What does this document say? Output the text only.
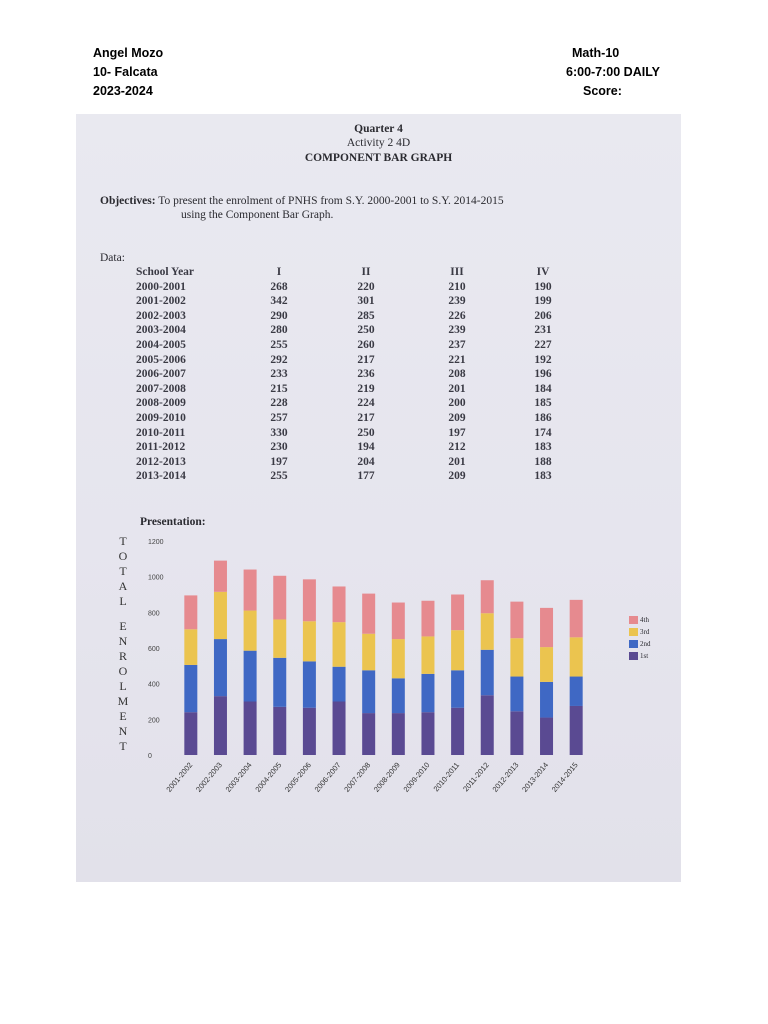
Angel Mozo
10- Falcata
2023-2024
Math-10
6:00-7:00 DAILY
Score:
Quarter 4
Activity 2 4D
COMPONENT BAR GRAPH
Objectives: To present the enrolment of PNHS from S.Y. 2000-2001 to S.Y. 2014-2015
using the Component Bar Graph.
Data:
School Year	I	II	III	IV
2000-2001	268	220	210	190
2001-2002	342	301	239	199
2002-2003	290	285	226	206
2003-2004	280	250	239	231
2004-2005	255	260	237	227
2005-2006	292	217	221	192
2006-2007	233	236	208	196
2007-2008	215	219	201	184
2008-2009	228	224	200	185
2009-2010	257	217	209	186
2010-2011	330	250	197	174
2011-2012	230	194	212	183
2012-2013	197	204	201	188
2013-2014	255	177	209	183
Presentation:
T
O
T
A
L

E
N
R
O
L
M
E
N
T
0
200
400
600
800
1000
1200
2001-2002 2002-2003 2003-2004 2004-2005 2005-2006 2006-2007 2007-2008 2008-2009 2009-2010 2010-2011 2011-2012 2012-2013 2013-2014 2014-2015
4th
3rd
2nd
1st
